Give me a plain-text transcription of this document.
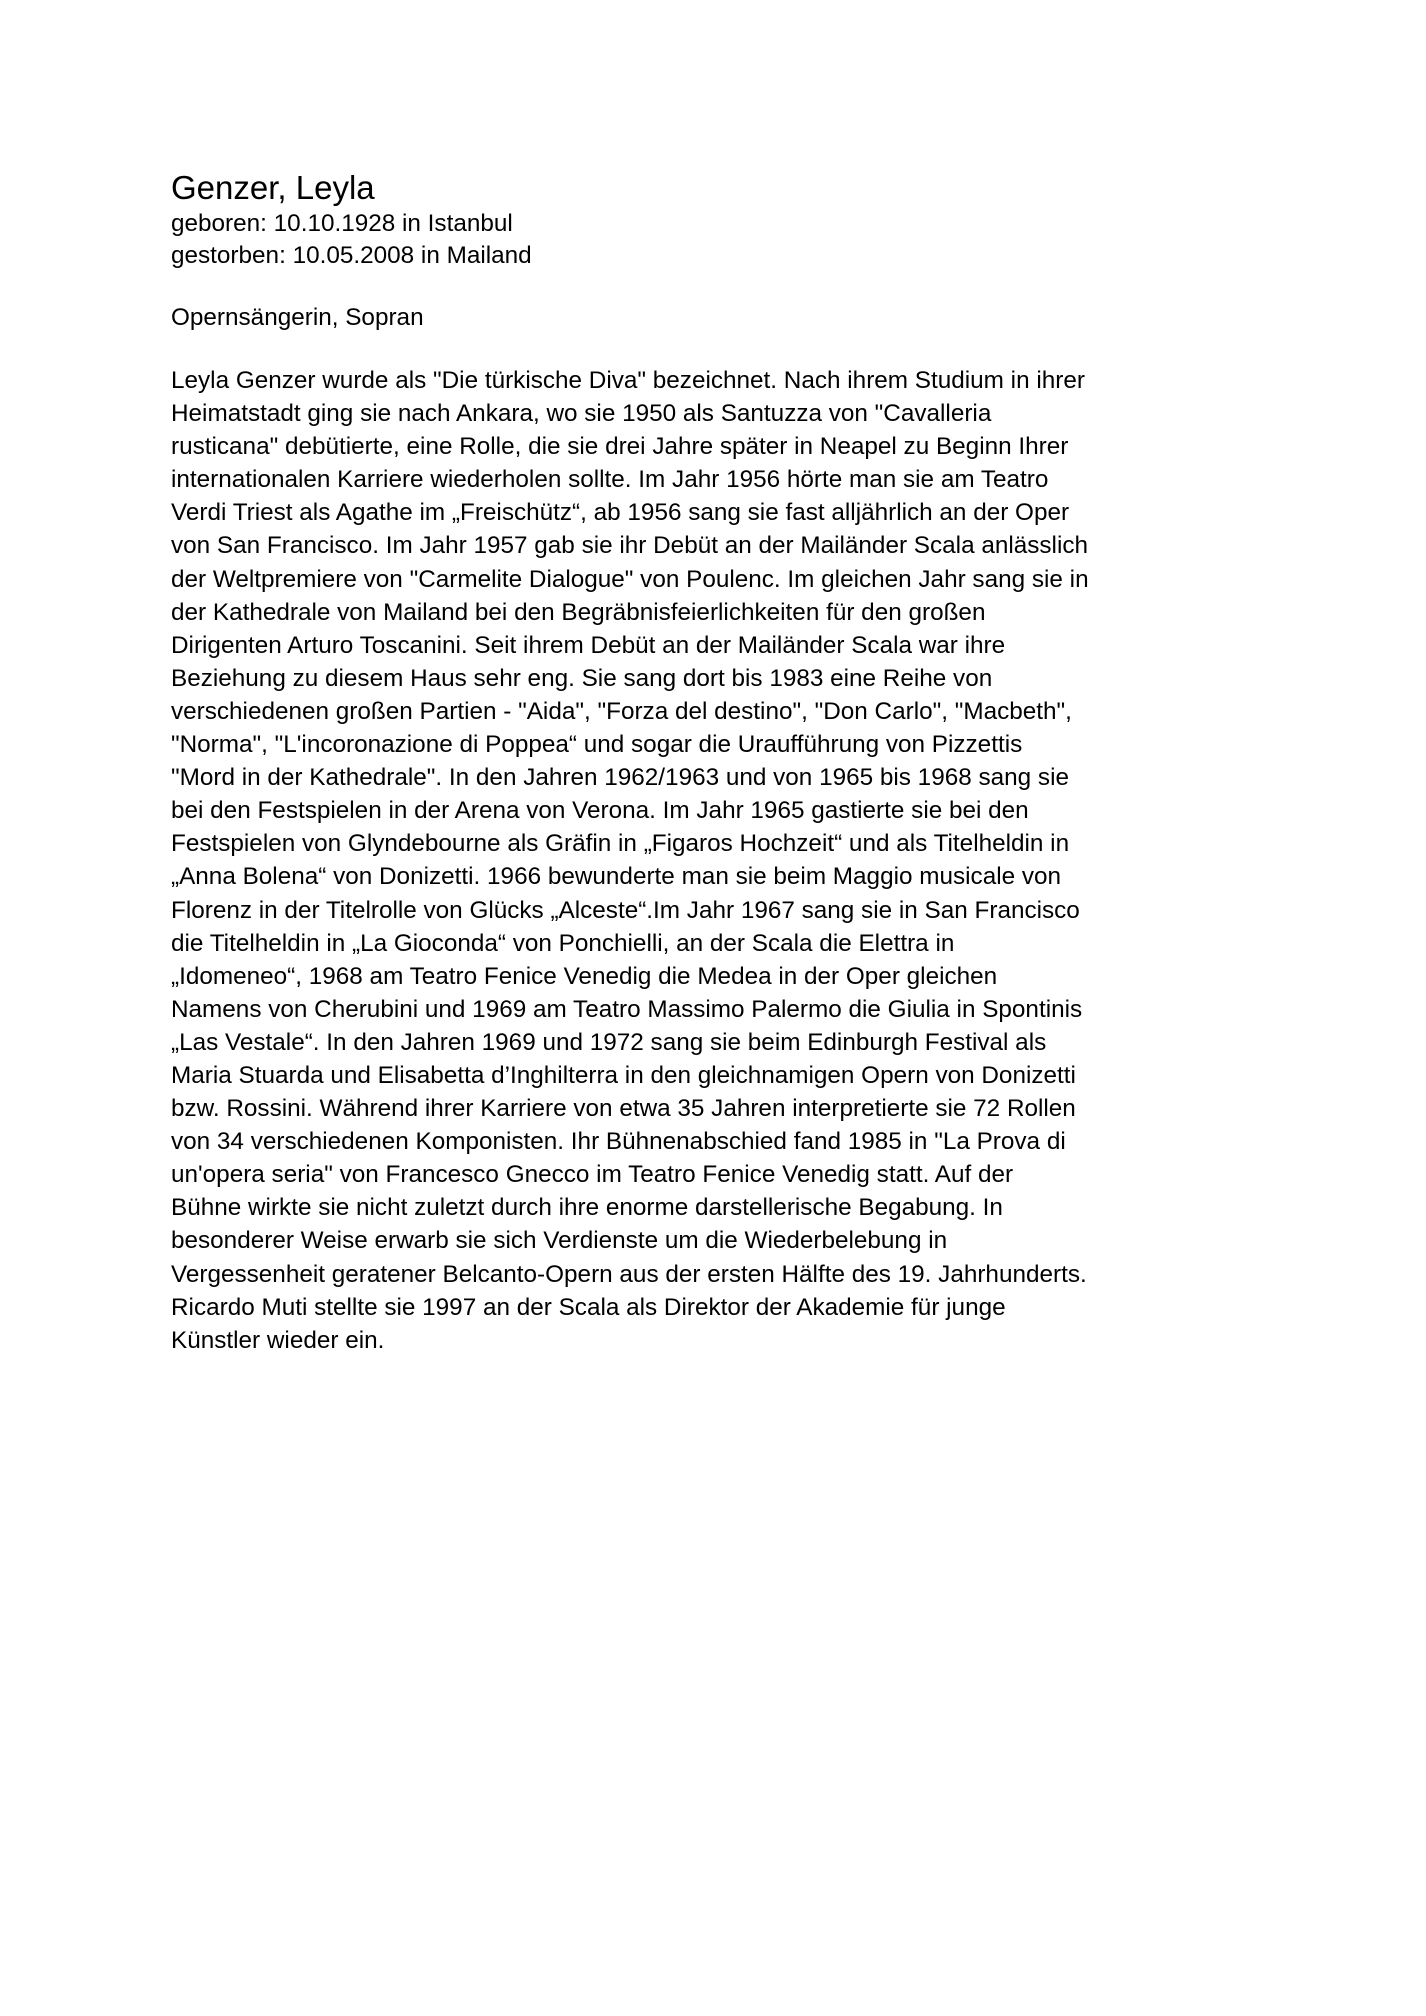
Genzer, Leyla

geboren: 10.10.1928 in Istanbul

gestorben: 10.05.2008 in Mailand

Opernsängerin, Sopran

Leyla Genzer wurde als "Die türkische Diva" bezeichnet. Nach ihrem Studium in ihrer
Heimatstadt ging sie nach Ankara, wo sie 1950 als Santuzza von "Cavalleria
rusticana" debütierte, eine Rolle, die sie drei Jahre später in Neapel zu Beginn Ihrer
internationalen Karriere wiederholen sollte. Im Jahr 1956 hörte man sie am Teatro
Verdi Triest als Agathe im „Freischütz“, ab 1956 sang sie fast alljährlich an der Oper
von San Francisco. Im Jahr 1957 gab sie ihr Debüt an der Mailänder Scala anlässlich
der Weltpremiere von "Carmelite Dialogue" von Poulenc. Im gleichen Jahr sang sie in
der Kathedrale von Mailand bei den Begräbnisfeierlichkeiten für den großen
Dirigenten Arturo Toscanini. Seit ihrem Debüt an der Mailänder Scala war ihre
Beziehung zu diesem Haus sehr eng. Sie sang dort bis 1983 eine Reihe von
verschiedenen großen Partien - "Aida", "Forza del destino", "Don Carlo", "Macbeth",
"Norma", "L'incoronazione di Poppea“ und sogar die Uraufführung von Pizzettis
"Mord in der Kathedrale". In den Jahren 1962/1963 und von 1965 bis 1968 sang sie
bei den Festspielen in der Arena von Verona. Im Jahr 1965 gastierte sie bei den
Festspielen von Glyndebourne als Gräfin in „Figaros Hochzeit“ und als Titelheldin in
„Anna Bolena“ von Donizetti. 1966 bewunderte man sie beim Maggio musicale von
Florenz in der Titelrolle von Glücks „Alceste“.Im Jahr 1967 sang sie in San Francisco
die Titelheldin in „La Gioconda“ von Ponchielli, an der Scala die Elettra in
„Idomeneo“, 1968 am Teatro Fenice Venedig die Medea in der Oper gleichen
Namens von Cherubini und 1969 am Teatro Massimo Palermo die Giulia in Spontinis
„Las Vestale“. In den Jahren 1969 und 1972 sang sie beim Edinburgh Festival als
Maria Stuarda und Elisabetta d’Inghilterra in den gleichnamigen Opern von Donizetti
bzw. Rossini. Während ihrer Karriere von etwa 35 Jahren interpretierte sie 72 Rollen
von 34 verschiedenen Komponisten. Ihr Bühnenabschied fand 1985 in "La Prova di
un'opera seria" von Francesco Gnecco im Teatro Fenice Venedig statt. Auf der
Bühne wirkte sie nicht zuletzt durch ihre enorme darstellerische Begabung. In
besonderer Weise erwarb sie sich Verdienste um die Wiederbelebung in
Vergessenheit geratener Belcanto-Opern aus der ersten Hälfte des 19. Jahrhunderts.
Ricardo Muti stellte sie 1997 an der Scala als Direktor der Akademie für junge
Künstler wieder ein.
